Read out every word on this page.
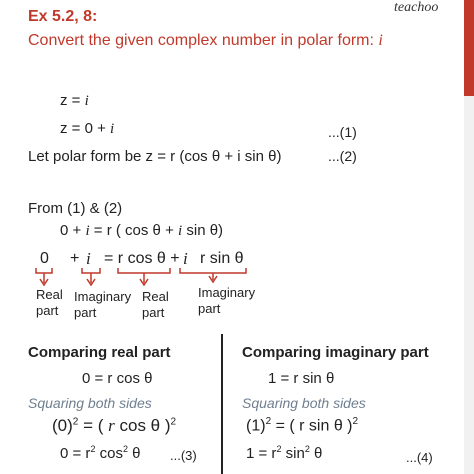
teachoo
Ex 5.2, 8:
Convert the given complex number in polar form: i
z = i
z = 0 + i	...(1)
Let polar form be z = r (cos θ + i sin θ)	...(2)
From (1) & (2)
0 + i = r ( cos θ + i sin θ)
0 + i = r cos θ + i r sin θ
Real
part
Imaginary
part
Real
part
Imaginary
part
Comparing real part
0 = r cos θ
Squaring both sides
$(0)^2$ = ( r cos θ )$^2$
$0 = r^2$ $\cos^2 \theta$ ...(3)
Comparing imaginary part
1 = r sin θ
Squaring both sides
$(1)^2$ = ( r sin θ )$^2$
$1 = r^2$ $\sin^2 \theta$	...(4)
